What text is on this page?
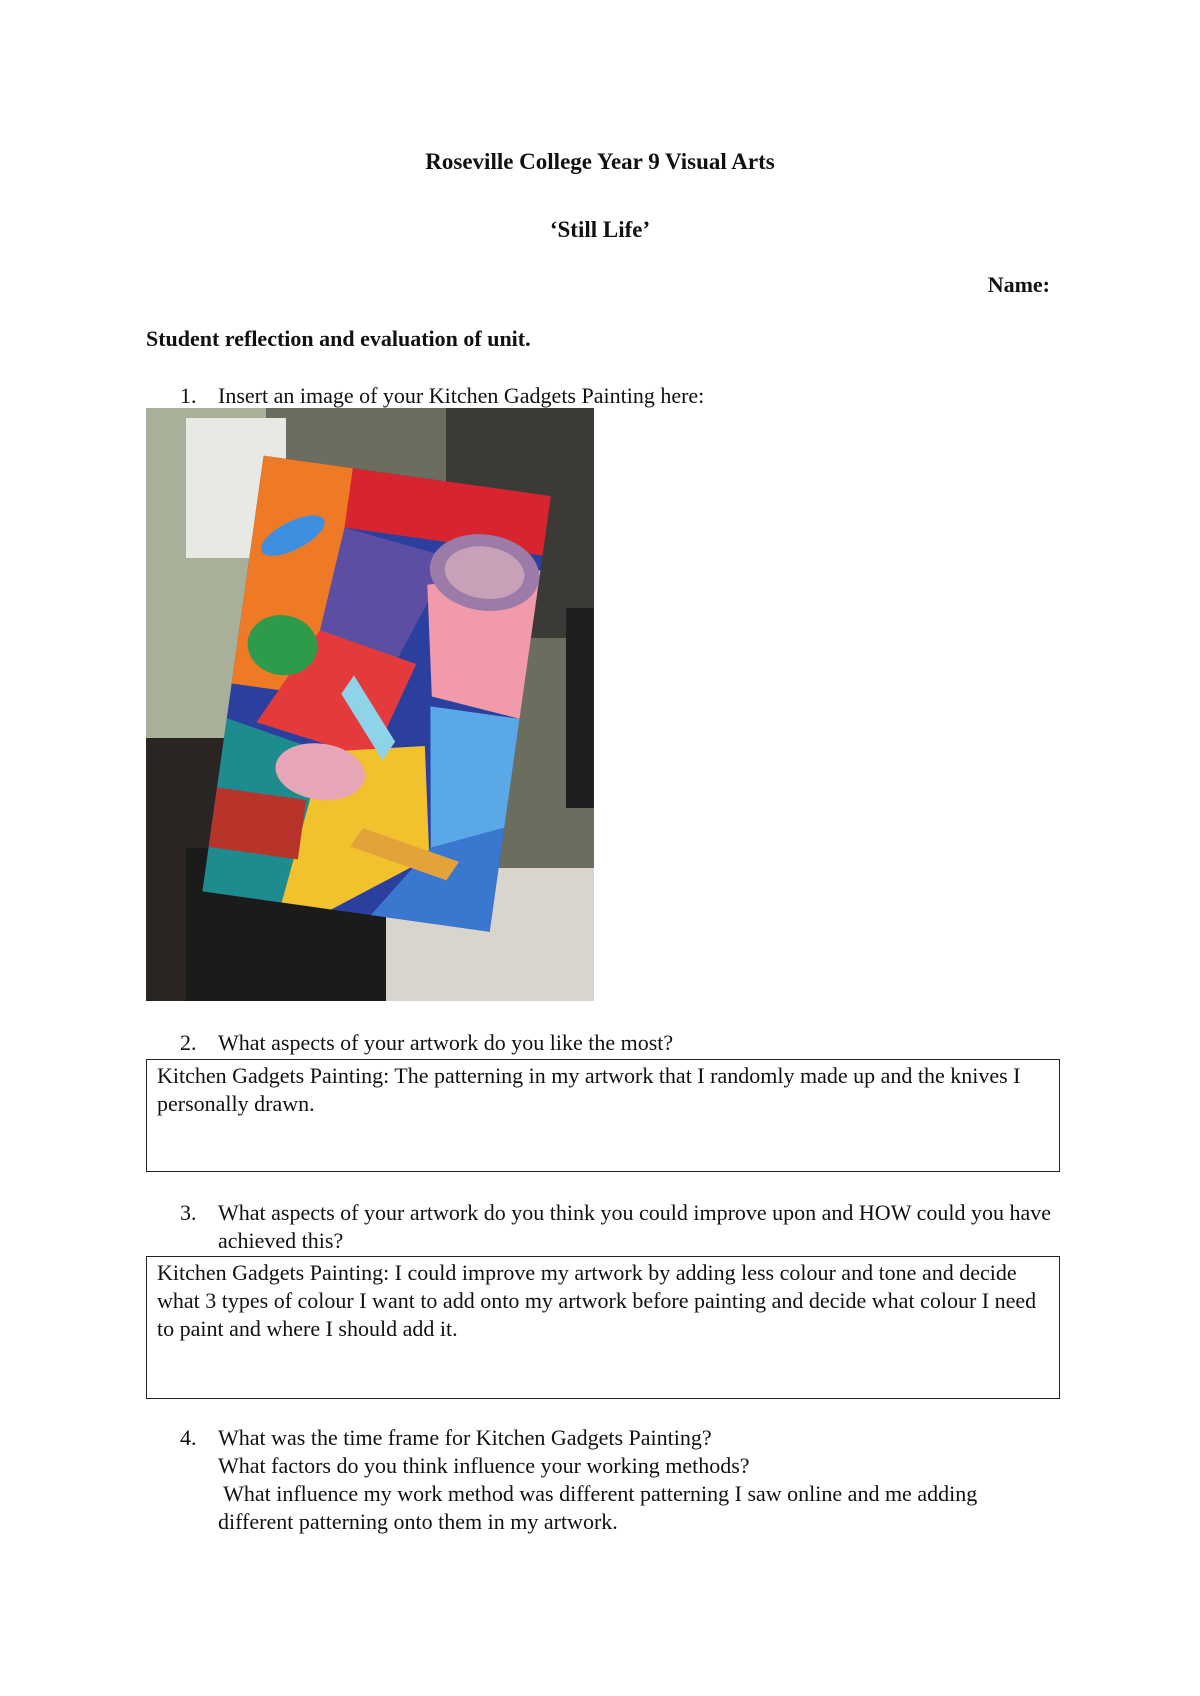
Roseville College Year 9 Visual Arts
‘Still Life’
Name:
Student reflection and evaluation of unit.
1. Insert an image of your Kitchen Gadgets Painting here:
2. What aspects of your artwork do you like the most?
Kitchen Gadgets Painting: The patterning in my artwork that I randomly made up and the knives I personally drawn.
3. What aspects of your artwork do you think you could improve upon and HOW could you have achieved this?
Kitchen Gadgets Painting: I could improve my artwork by adding less colour and tone and decide what 3 types of colour I want to add onto my artwork before painting and decide what colour I need to paint and where I should add it.
4. What was the time frame for Kitchen Gadgets Painting?
What factors do you think influence your working methods?
What influence my work method was different patterning I saw online and me adding
different patterning onto them in my artwork.
